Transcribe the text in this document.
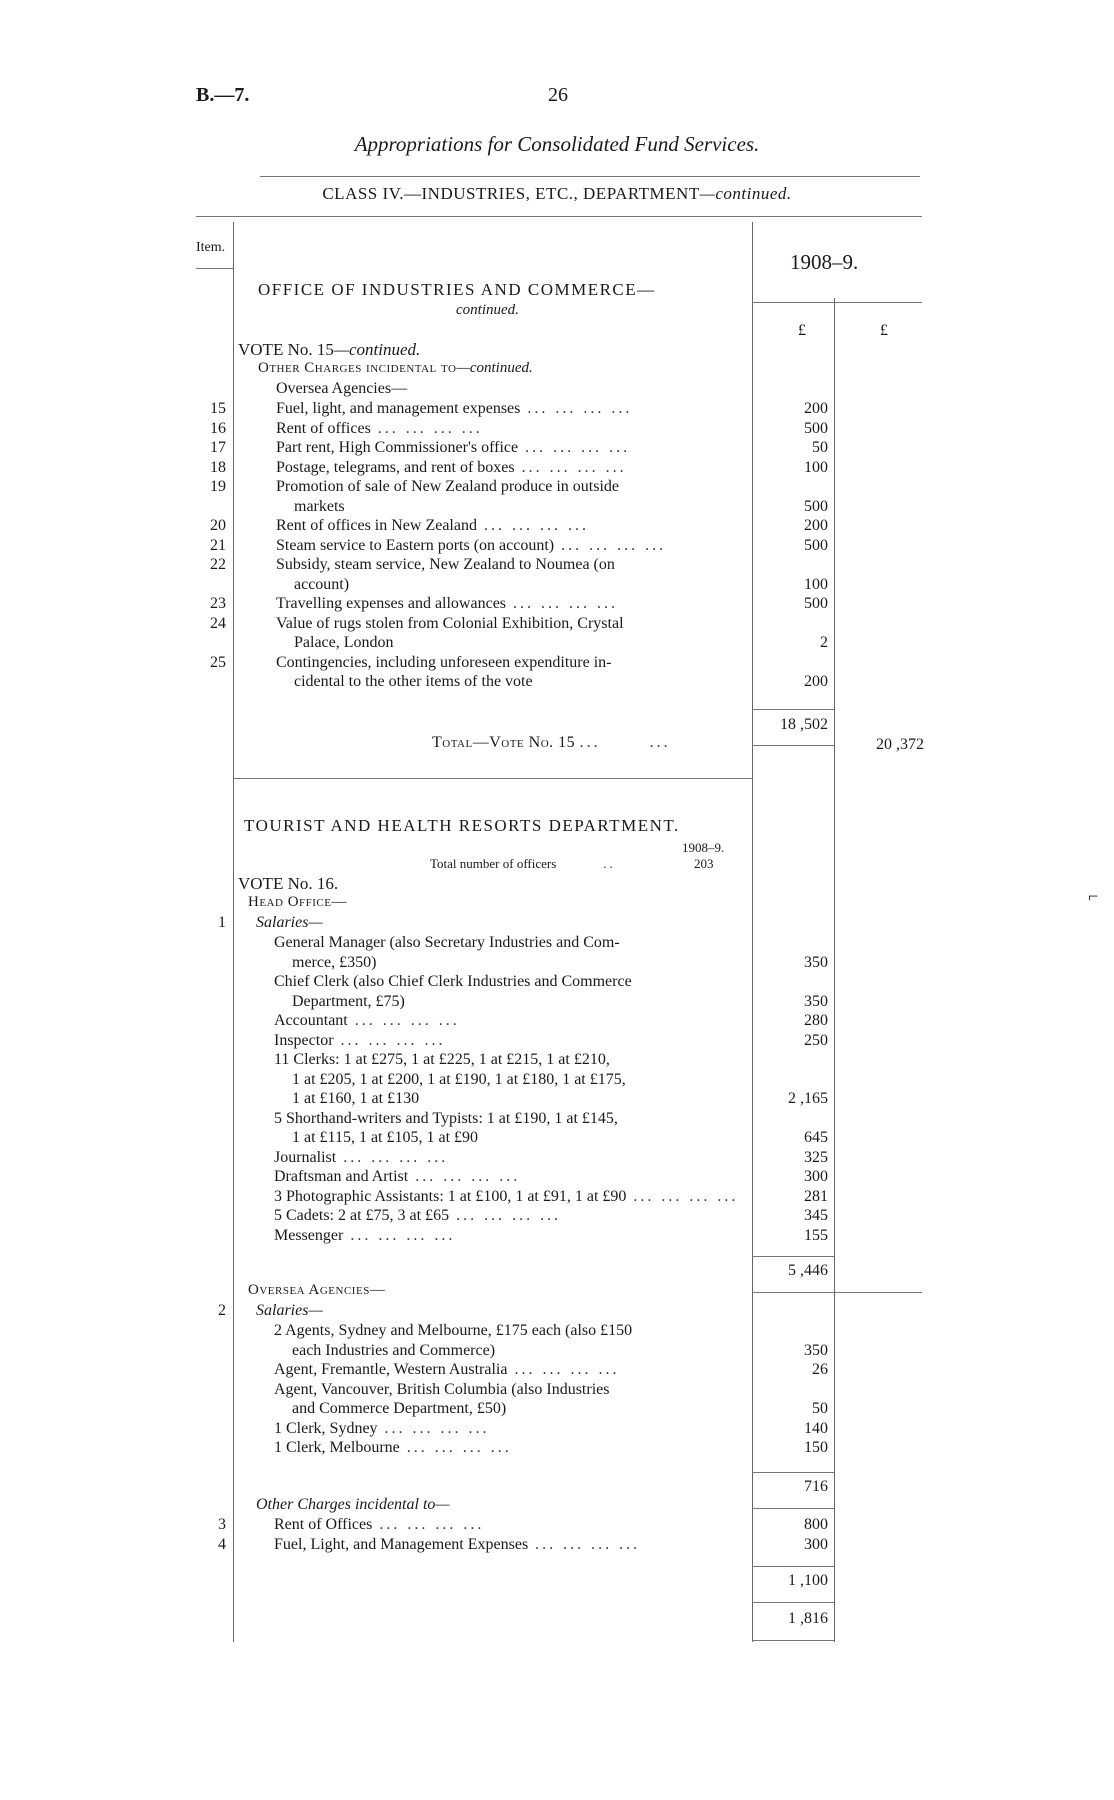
B.—7.	26
Appropriations for Consolidated Fund Services.
CLASS IV.—INDUSTRIES, ETC., DEPARTMENT—continued.
Item.
1908–9.
£	£
OFFICE OF INDUSTRIES AND COMMERCE—
continued.
VOTE No. 15—continued.
Other Charges incidental to—continued.
Oversea Agencies—
15	Fuel, light, and management expenses ... ... ... ...	200
16	Rent of offices ... ... ... ...	500
17	Part rent, High Commissioner's office ... ... ... ...	50
18	Postage, telegrams, and rent of boxes ... ... ... ...	100
19	Promotion of sale of New Zealand produce in outside
markets	500
20	Rent of offices in New Zealand ... ... ... ...	200
21	Steam service to Eastern ports (on account) ... ... ... ...	500
22	Subsidy, steam service, New Zealand to Noumea (on
account)	100
23	Travelling expenses and allowances ... ... ... ...	500
24	Value of rugs stolen from Colonial Exhibition, Crystal
Palace, London	2
25	Contingencies, including unforeseen expenditure in-
cidental to the other items of the vote	200
18 ,502
Total—Vote No. 15 ...       ...	20 ,372
TOURIST AND HEALTH RESORTS DEPARTMENT.
1908–9.
Total number of officers        ..	203
VOTE No. 16.
Head Office—
1 Salaries—
General Manager (also Secretary Industries and Com-
merce, £350)	350
Chief Clerk (also Chief Clerk Industries and Commerce
Department, £75)	350
Accountant ... ... ... ...	280
Inspector ... ... ... ...	250
11 Clerks: 1 at £275, 1 at £225, 1 at £215, 1 at £210,
1 at £205, 1 at £200, 1 at £190, 1 at £180, 1 at £175,
1 at £160, 1 at £130	2 ,165
5 Shorthand-writers and Typists: 1 at £190, 1 at £145,
1 at £115, 1 at £105, 1 at £90	645
Journalist ... ... ... ...	325
Draftsman and Artist ... ... ... ...	300
3 Photographic Assistants: 1 at £100, 1 at £91, 1 at £90 ... ... ... ...	281
5 Cadets: 2 at £75, 3 at £65 ... ... ... ...	345
Messenger ... ... ... ...	155
5 ,446
Oversea Agencies—
2 Salaries—
2 Agents, Sydney and Melbourne, £175 each (also £150
each Industries and Commerce)	350
Agent, Fremantle, Western Australia ... ... ... ...	26
Agent, Vancouver, British Columbia (also Industries
and Commerce Department, £50)	50
1 Clerk, Sydney ... ... ... ...	140
1 Clerk, Melbourne ... ... ... ...	150
716
Other Charges incidental to—
3	Rent of Offices ... ... ... ...	800
4	Fuel, Light, and Management Expenses ... ... ... ...	300
1 ,100
1 ,816
⌐
